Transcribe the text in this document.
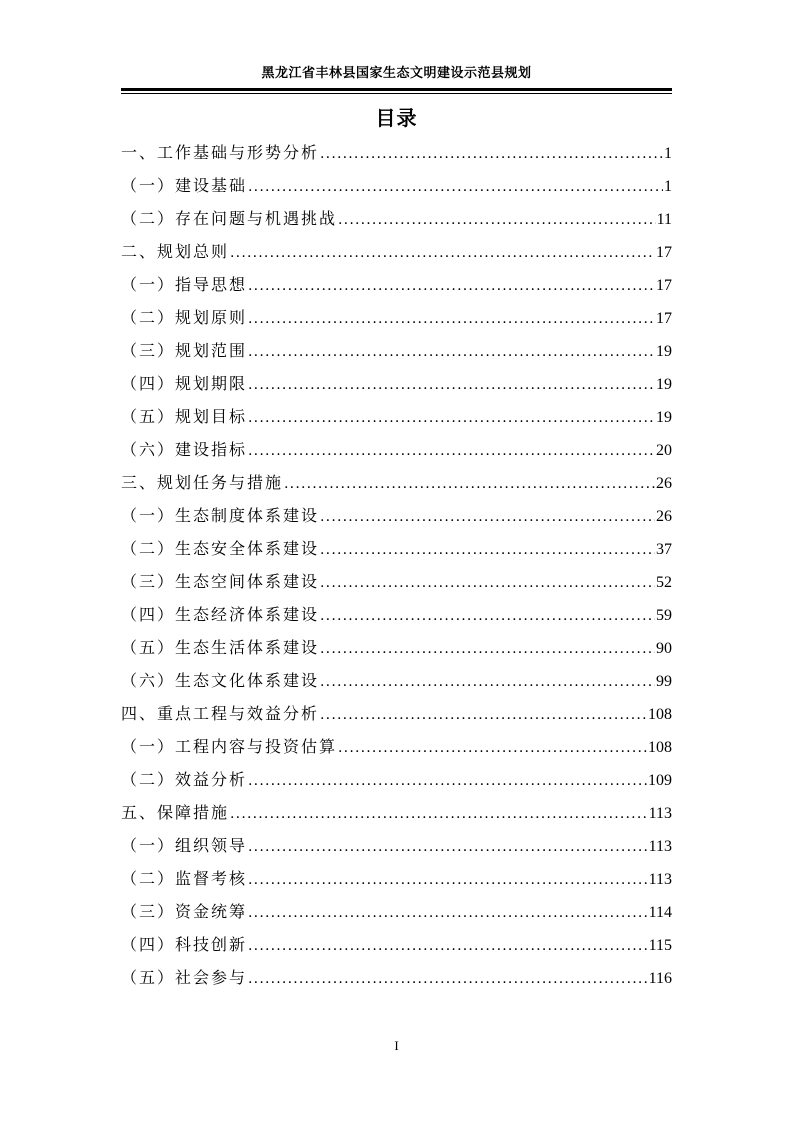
黑龙江省丰林县国家生态文明建设示范县规划
目录
一、工作基础与形势分析 .....	1
（一）建设基础 .....	1
（二）存在问题与机遇挑战 .....	11
二、规划总则 .....	17
（一）指导思想 .....	17
（二）规划原则 .....	17
（三）规划范围 .....	19
（四）规划期限 .....	19
（五）规划目标 .....	19
（六）建设指标 .....	20
三、规划任务与措施 .....	26
（一）生态制度体系建设 .....	26
（二）生态安全体系建设 .....	37
（三）生态空间体系建设 .....	52
（四）生态经济体系建设 .....	59
（五）生态生活体系建设 .....	90
（六）生态文化体系建设 .....	99
四、重点工程与效益分析 .....	108
（一）工程内容与投资估算 .....	108
（二）效益分析 .....	109
五、保障措施 .....	113
（一）组织领导 .....	113
（二）监督考核 .....	113
（三）资金统筹 .....	114
（四）科技创新 .....	115
（五）社会参与 .....	116
I
